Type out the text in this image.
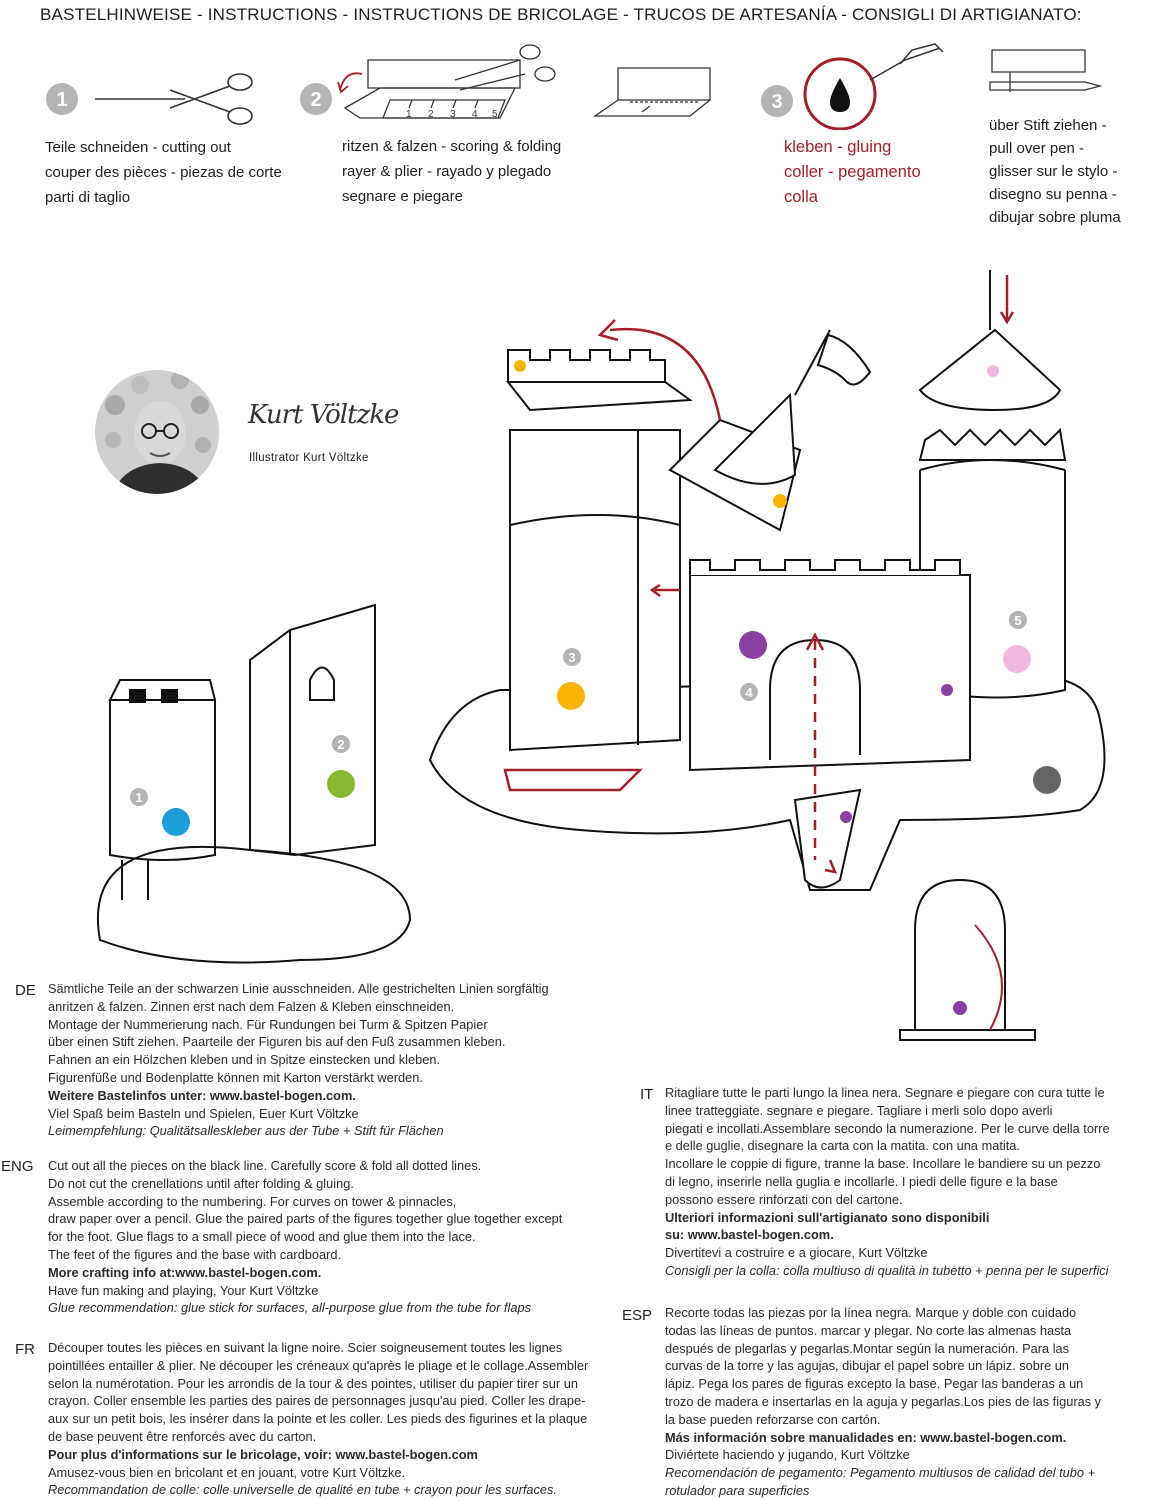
BASTELHINWEISE - INSTRUCTIONS - INSTRUCTIONS DE BRICOLAGE - TRUCOS DE ARTESANÍA - CONSIGLI DI ARTIGIANATO:
1	2
1 2 3 4 5
3
Teile schneiden - cutting out
couper des pièces - piezas de corte
parti di taglio
ritzen & falzen - scoring & folding
rayer & plier - rayado y plegado
segnare e piegare
kleben - gluing
coller - pegamento
colla
über Stift ziehen -
pull over pen -
glisser sur le stylo -
disegno su penna -
dibujar sobre pluma
Kurt Völtzke
Illustrator Kurt Völtzke
1
2
3
4
5
DE Sämtliche Teile an der schwarzen Linie ausschneiden. Alle gestrichelten Linien sorgfältig
anritzen & falzen. Zinnen erst nach dem Falzen & Kleben einschneiden.
Montage der Nummerierung nach. Für Rundungen bei Turm & Spitzen Papier
über einen Stift ziehen. Paarteile der Figuren bis auf den Fuß zusammen kleben.
Fahnen an ein Hölzchen kleben und in Spitze einstecken und kleben.
Figurenfüße und Bodenplatte können mit Karton verstärkt werden.
Weitere Bastelinfos unter: www.bastel-bogen.com.
Viel Spaß beim Basteln und Spielen, Euer Kurt Völtzke
Leimempfehlung: Qualitätsalleskleber aus der Tube + Stift für Flächen
ENG Cut out all the pieces on the black line. Carefully score & fold all dotted lines.
Do not cut the crenellations until after folding & gluing.
Assemble according to the numbering. For curves on tower & pinnacles,
draw paper over a pencil. Glue the paired parts of the figures together glue together except
for the foot. Glue flags to a small piece of wood and glue them into the lace.
The feet of the figures and the base with cardboard.
More crafting info at:www.bastel-bogen.com.
Have fun making and playing, Your Kurt Völtzke
Glue recommendation: glue stick for surfaces, all-purpose glue from the tube for flaps
FR Découper toutes les pièces en suivant la ligne noire. Scier soigneusement toutes les lignes
pointillées entailler & plier. Ne découper les créneaux qu'après le pliage et le collage.Assembler
selon la numérotation. Pour les arrondis de la tour & des pointes, utiliser du papier tirer sur un
crayon. Coller ensemble les parties des paires de personnages jusqu'au pied. Coller les drape-
aux sur un petit bois, les insérer dans la pointe et les coller. Les pieds des figurines et la plaque
de base peuvent être renforcés avec du carton.
Pour plus d'informations sur le bricolage, voir: www.bastel-bogen.com
Amusez-vous bien en bricolant et en jouant, votre Kurt Völtzke.
Recommandation de colle: colle universelle de qualité en tube + crayon pour les surfaces.
IT Ritagliare tutte le parti lungo la linea nera. Segnare e piegare con cura tutte le
linee tratteggiate. segnare e piegare. Tagliare i merli solo dopo averli
piegati e incollati.Assemblare secondo la numerazione. Per le curve della torre
e delle guglie, disegnare la carta con la matita. con una matita.
Incollare le coppie di figure, tranne la base. Incollare le bandiere su un pezzo
di legno, inserirle nella guglia e incollarle. I piedi delle figure e la base
possono essere rinforzati con del cartone.
Ulteriori informazioni sull'artigianato sono disponibili
su: www.bastel-bogen.com.
Divertitevi a costruire e a giocare, Kurt Völtzke
Consigli per la colla: colla multiuso di qualità in tubetto + penna per le superfici
ESP Recorte todas las piezas por la línea negra. Marque y doble con cuidado
todas las líneas de puntos. marcar y plegar. No corte las almenas hasta
después de plegarlas y pegarlas.Montar según la numeración. Para las
curvas de la torre y las agujas, dibujar el papel sobre un lápiz. sobre un
lápiz. Pega los pares de figuras excepto la base. Pegar las banderas a un
trozo de madera e insertarlas en la aguja y pegarlas.Los pies de las figuras y
la base pueden reforzarse con cartón.
Más información sobre manualidades en: www.bastel-bogen.com.
Diviértete haciendo y jugando, Kurt Völtzke
Recomendación de pegamento: Pegamento multiusos de calidad del tubo +
rotulador para superficies
